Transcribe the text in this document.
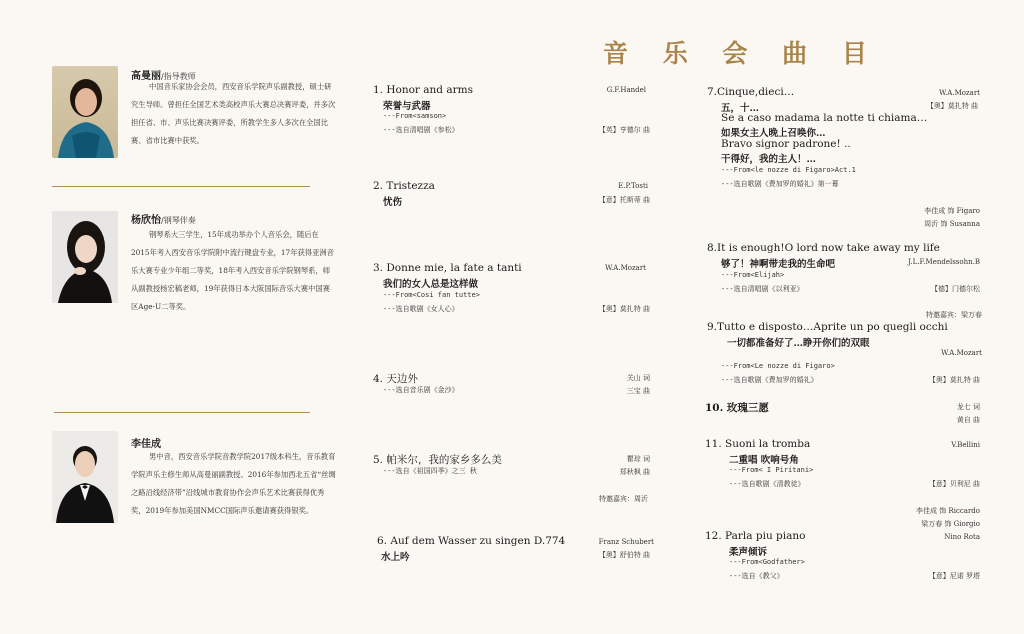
音 乐 会 曲 目
高曼丽/指导教师
中国音乐家协会会员，西安音乐学院声乐副教授，硕士研究生导师。曾担任全国艺术类高校声乐大赛总决赛评委，并多次担任省、市、声乐比赛决赛评委，所教学生多人多次在全国比赛、省市比赛中获奖。
杨欣怡/钢琴伴奏
钢琴系大三学生，15年成功举办个人音乐会，随后在2015年考入西安音乐学院附中流行键盘专业，17年获得亚洲音乐大赛专业少年组二等奖，18年考入西安音乐学院钢琴系，师从副教授杨宏稿老师，19年获得日本大阪国际音乐大赛中国赛区Age-U二等奖。
李佳成
男中音，西安音乐学院音教学院2017级本科生，音乐教育学院声乐主修生师从高曼丽副教授。2016年参加西北五省“丝绸之路沿线经济带”沿线城市教育协作会声乐艺术比赛获得优秀奖，2019年参加美国NMCC国际声乐邀请赛获得银奖。
1. Honor and arms	G.F.Handel
荣誉与武器
---From<samson>
---选自清唱剧《参松》	【英】亨德尔 曲
2. Tristezza	E.P.Tosti
忧伤	【意】托斯蒂 曲
3. Donne mie, la fate a tanti	W.A.Mozart
我们的女人总是这样做
---From<Cosi fan tutte>
---选自歌剧《女人心》	【奥】莫扎特 曲
4. 天边外	关山 词
---选自音乐剧《金沙》	三宝 曲
5. 帕米尔，我的家乡多么美	瞿琮 词
---选自《祖国四季》之三 秋	郑秋枫 曲
特邀嘉宾：周沂
6. Auf dem Wasser zu singen D.774	Franz Schubert
水上吟	【奥】舒伯特 曲
7.Cinque,dieci…	W.A.Mozart
五，十…	【奥】莫扎特 曲
Se a caso madama la notte ti chiama…
如果女主人晚上召唤你…
Bravo signor padrone! ..
干得好，我的主人！…
---From<le nozze di Figaro>Act.1
---选自歌剧《费加罗的婚礼》第一幕
李佳成 饰 Figaro
周沂 饰 Susanna
8.It is enough!O lord now take away my life
够了！神啊带走我的生命吧	J.L.F.Mendelssohn.B
---From<Elijah>
---选自清唱剧《以利亚》	【德】门德尔松
特邀嘉宾：梁万春
9.Tutto e disposto…Aprite un po quegli occhi
一切都准备好了…睁开你们的双眼
W.A.Mozart
---From<Le nozze di Figaro>
---选自歌剧《费加罗的婚礼》	【奥】莫扎特 曲
10. 玫瑰三愿	龙七 词
黄自 曲
11. Suoni la tromba	V.Bellini
二重唱 吹响号角
---From< I Piritani>
---选自歌剧《清教徒》	【意】贝利尼 曲
李佳成 饰 Riccardo
梁万春 饰 Giorgio
12. Parla piu piano	Nino Rota
柔声倾诉
---From<Godfather>
---选自《教父》	【意】尼诺 罗塔
